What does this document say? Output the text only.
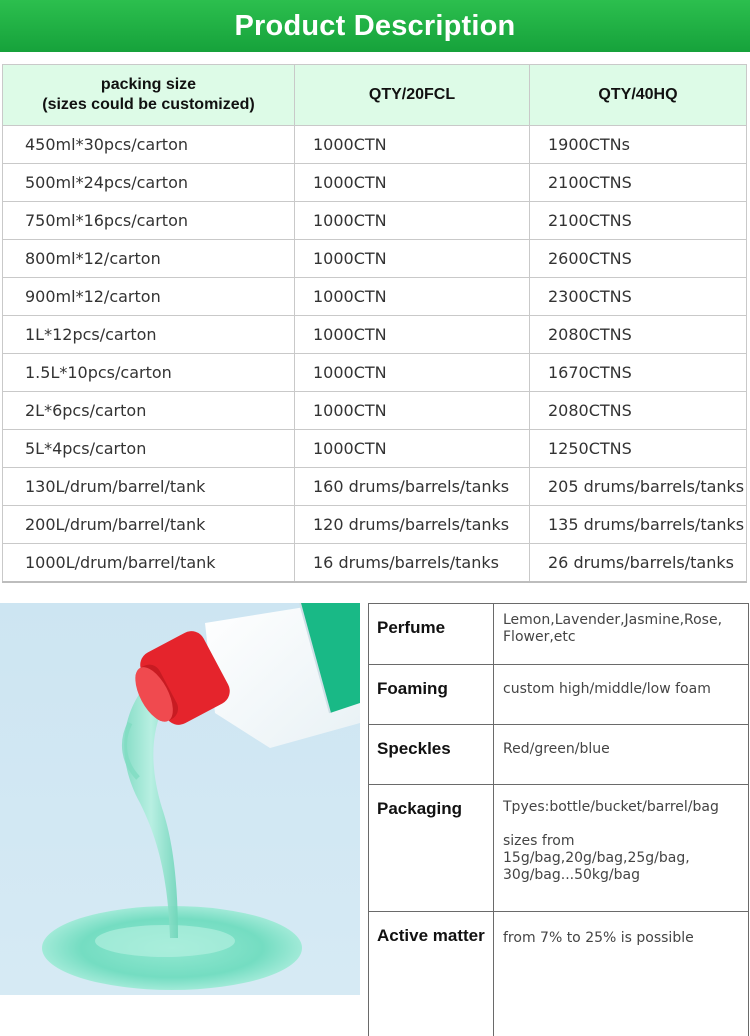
Product Description
packing size
(sizes could be customized)	QTY/20FCL	QTY/40HQ
450ml*30pcs/carton	1000CTN	1900CTNs
500ml*24pcs/carton	1000CTN	2100CTNS
750ml*16pcs/carton	1000CTN	2100CTNS
800ml*12/carton	1000CTN	2600CTNS
900ml*12/carton	1000CTN	2300CTNS
1L*12pcs/carton	1000CTN	2080CTNS
1.5L*10pcs/carton	1000CTN	1670CTNS
2L*6pcs/carton	1000CTN	2080CTNS
5L*4pcs/carton	1000CTN	1250CTNS
130L/drum/barrel/tank	160 drums/barrels/tanks	205 drums/barrels/tanks
200L/drum/barrel/tank	120 drums/barrels/tanks	135 drums/barrels/tanks
1000L/drum/barrel/tank	16 drums/barrels/tanks	26 drums/barrels/tanks
Perfume	Lemon,Lavender,Jasmine,Rose,
Flower,etc

Foaming	custom high/middle/low foam
Speckles	Red/green/blue
Packaging	Tpyes:bottle/bucket/barrel/bag
sizes from
15g/bag,20g/bag,25g/bag,
30g/bag...50kg/bag

Active matter	from 7% to 25% is possible
